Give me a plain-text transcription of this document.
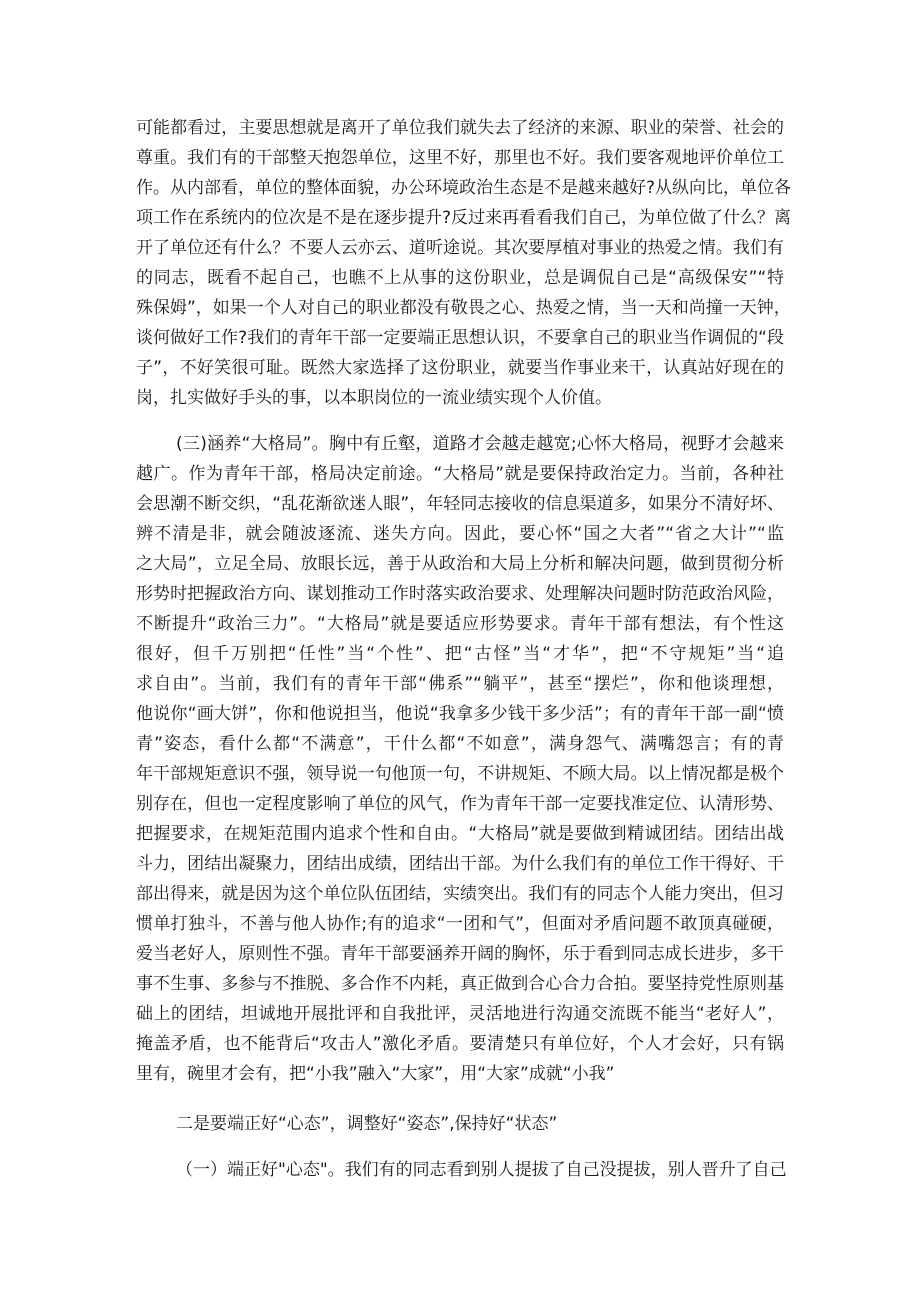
可能都看过，主要思想就是离开了单位我们就失去了经济的来源、职业的荣誉、社会的
尊重。我们有的干部整天抱怨单位，这里不好，那里也不好。我们要客观地评价单位工
作。从内部看，单位的整体面貌，办公环境政治生态是不是越来越好?从纵向比，单位各
项工作在系统内的位次是不是在逐步提升?反过来再看看我们自己，为单位做了什么？离
开了单位还有什么？不要人云亦云、道听途说。其次要厚植对事业的热爱之情。我们有
的同志，既看不起自己，也瞧不上从事的这份职业，总是调侃自己是“高级保安”“特
殊保姆”，如果一个人对自己的职业都没有敬畏之心、热爱之情，当一天和尚撞一天钟，
谈何做好工作?我们的青年干部一定要端正思想认识，不要拿自己的职业当作调侃的“段
子”，不好笑很可耻。既然大家选择了这份职业，就要当作事业来干，认真站好现在的
岗，扎实做好手头的事，以本职岗位的一流业绩实现个人价值。
(三)涵养“大格局”。胸中有丘壑，道路才会越走越宽;心怀大格局，视野才会越来
越广。作为青年干部，格局决定前途。“大格局”就是要保持政治定力。当前，各种社
会思潮不断交织，“乱花渐欲迷人眼”，年轻同志接收的信息渠道多，如果分不清好坏、
辨不清是非，就会随波逐流、迷失方向。因此，要心怀“国之大者”“省之大计”“监
之大局”，立足全局、放眼长远，善于从政治和大局上分析和解决问题，做到贯彻分析
形势时把握政治方向、谋划推动工作时落实政治要求、处理解决问题时防范政治风险，
不断提升“政治三力”。“大格局”就是要适应形势要求。青年干部有想法，有个性这
很好，但千万别把“任性”当“个性”、把“古怪”当“才华”，把“不守规矩”当“追
求自由”。当前，我们有的青年干部“佛系”“躺平”，甚至“摆烂”，你和他谈理想，
他说你“画大饼”，你和他说担当，他说“我拿多少钱干多少活”；有的青年干部一副“愤
青”姿态，看什么都“不满意”，干什么都“不如意”，满身怨气、满嘴怨言；有的青
年干部规矩意识不强，领导说一句他顶一句，不讲规矩、不顾大局。以上情况都是极个
别存在，但也一定程度影响了单位的风气，作为青年干部一定要找准定位、认清形势、
把握要求，在规矩范围内追求个性和自由。“大格局”就是要做到精诚团结。团结出战
斗力，团结出凝聚力，团结出成绩，团结出干部。为什么我们有的单位工作干得好、干
部出得来，就是因为这个单位队伍团结，实绩突出。我们有的同志个人能力突出，但习
惯单打独斗，不善与他人协作;有的追求“一团和气”，但面对矛盾问题不敢顶真碰硬，
爱当老好人，原则性不强。青年干部要涵养开阔的胸怀，乐于看到同志成长进步，多干
事不生事、多参与不推脱、多合作不内耗，真正做到合心合力合拍。要坚持党性原则基
础上的团结，坦诚地开展批评和自我批评，灵活地进行沟通交流既不能当“老好人”，
掩盖矛盾，也不能背后“攻击人”激化矛盾。要清楚只有单位好，个人才会好，只有锅
里有，碗里才会有，把“小我”融入“大家”，用“大家”成就“小我”
二是要端正好“心态”，调整好“姿态”,保持好“状态”
（一）端正好"心态"。我们有的同志看到别人提拔了自己没提拔，别人晋升了自己
